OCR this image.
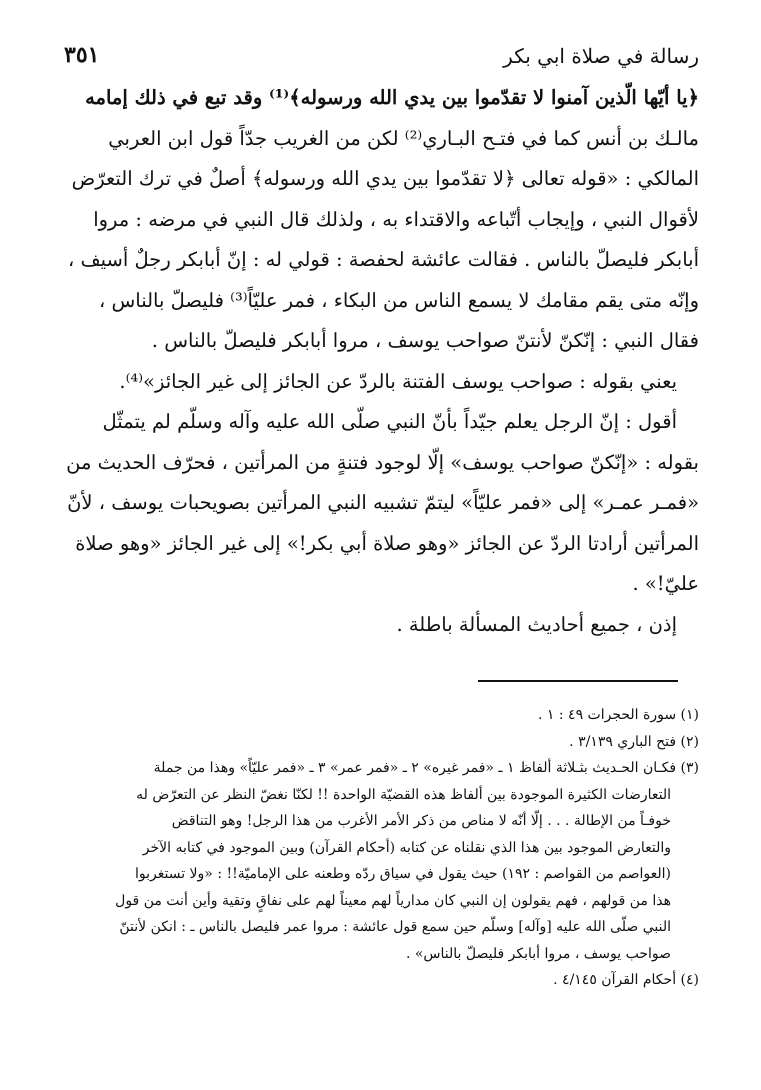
رسالة في صلاة ابي بكر
٣٥١

﴿يا أيّها الّذين آمنوا لا تقدّموا بين يدي الله ورسوله﴾⁽¹⁾ وقد تبع في ذلك إمامه

مالـك بن أنس كما في فتـح البـاري⁽²⁾ لكن من الغريب جدّاً قول ابن العربي

المالكي : «قوله تعالى ﴿لا تقدّموا بين يدي الله ورسوله﴾ أصلٌ في ترك التعرّض

لأقوال النبي ، وإيجاب أتّباعه والاقتداء به ، ولذلك قال النبي في مرضه : مروا

أبابكر فليصلّ بالناس . فقالت عائشة لحفصة : قولي له : إنّ أبابكر رجلٌ أسيف ،

وإنّه متى يقم مقامك لا يسمع الناس من البكاء ، فمر عليّاً⁽³⁾ فليصلّ بالناس ،

فقال النبي : إنّكنّ لأنتنّ صواحب يوسف ، مروا أبابكر فليصلّ بالناس .

يعني بقوله : صواحب يوسف الفتنة بالردّ عن الجائز إلى غير الجائز»⁽⁴⁾.

أقول : إنّ الرجل يعلم جيّداً بأنّ النبي صلّى الله عليه وآله وسلّم لم يتمثّل

بقوله : «إنّكنّ صواحب يوسف» إلّا لوجود فتنةٍ من المرأتين ، فحرّف الحديث من

«فمـر عمـر» إلى «فمر عليّاً» ليتمّ تشبيه النبي المرأتين بصويحبات يوسف ، لأنّ

المرأتين أرادتا الردّ عن الجائز «وهو صلاة أبي بكر!» إلى غير الجائز «وهو صلاة

عليّ!» .

إذن ، جميع أحاديث المسألة باطلة .

(١) سورة الحجرات ٤٩ : ١ .

(٢) فتح الباري ٣/١٣٩ .

(٣) فكـان الحـديث بثـلاثة ألفاظ ١ ـ «فمر غيره» ٢ ـ «فمر عمر» ٣ ـ «فمر عليّاً» وهذا من جملة

التعارضات الكثيرة الموجودة بين ألفاظ هذه القضيّة الواحدة !! لكنّا نغضّ النظر عن التعرّض له

خوفـاً من الإطالة . . . إلّا أنّه لا مناص من ذكر الأمر الأغرب من هذا الرجل! وهو التناقض

والتعارض الموجود بين هذا الذي نقلناه عن كتابه (أحكام القرآن) وبين الموجود في كتابه الآخر

(العواصم من القواصم : ١٩٢) حيث يقول في سياق ردّه وطعنه على الإماميّة!! : «ولا تستغربوا

هذا من قولهم ، فهم يقولون إن النبي كان مدارياً لهم معيناً لهم على نفاقٍ وتقية وأين أنت من قول

النبي صلّى الله عليه [وآله] وسلّم حين سمع قول عائشة : مروا عمر فليصل بالناس ـ : انكن لأنتنّ

صواحب يوسف ، مروا أبابكر فليصلّ بالناس» .

(٤) أحكام القرآن ٤/١٤٥ .
